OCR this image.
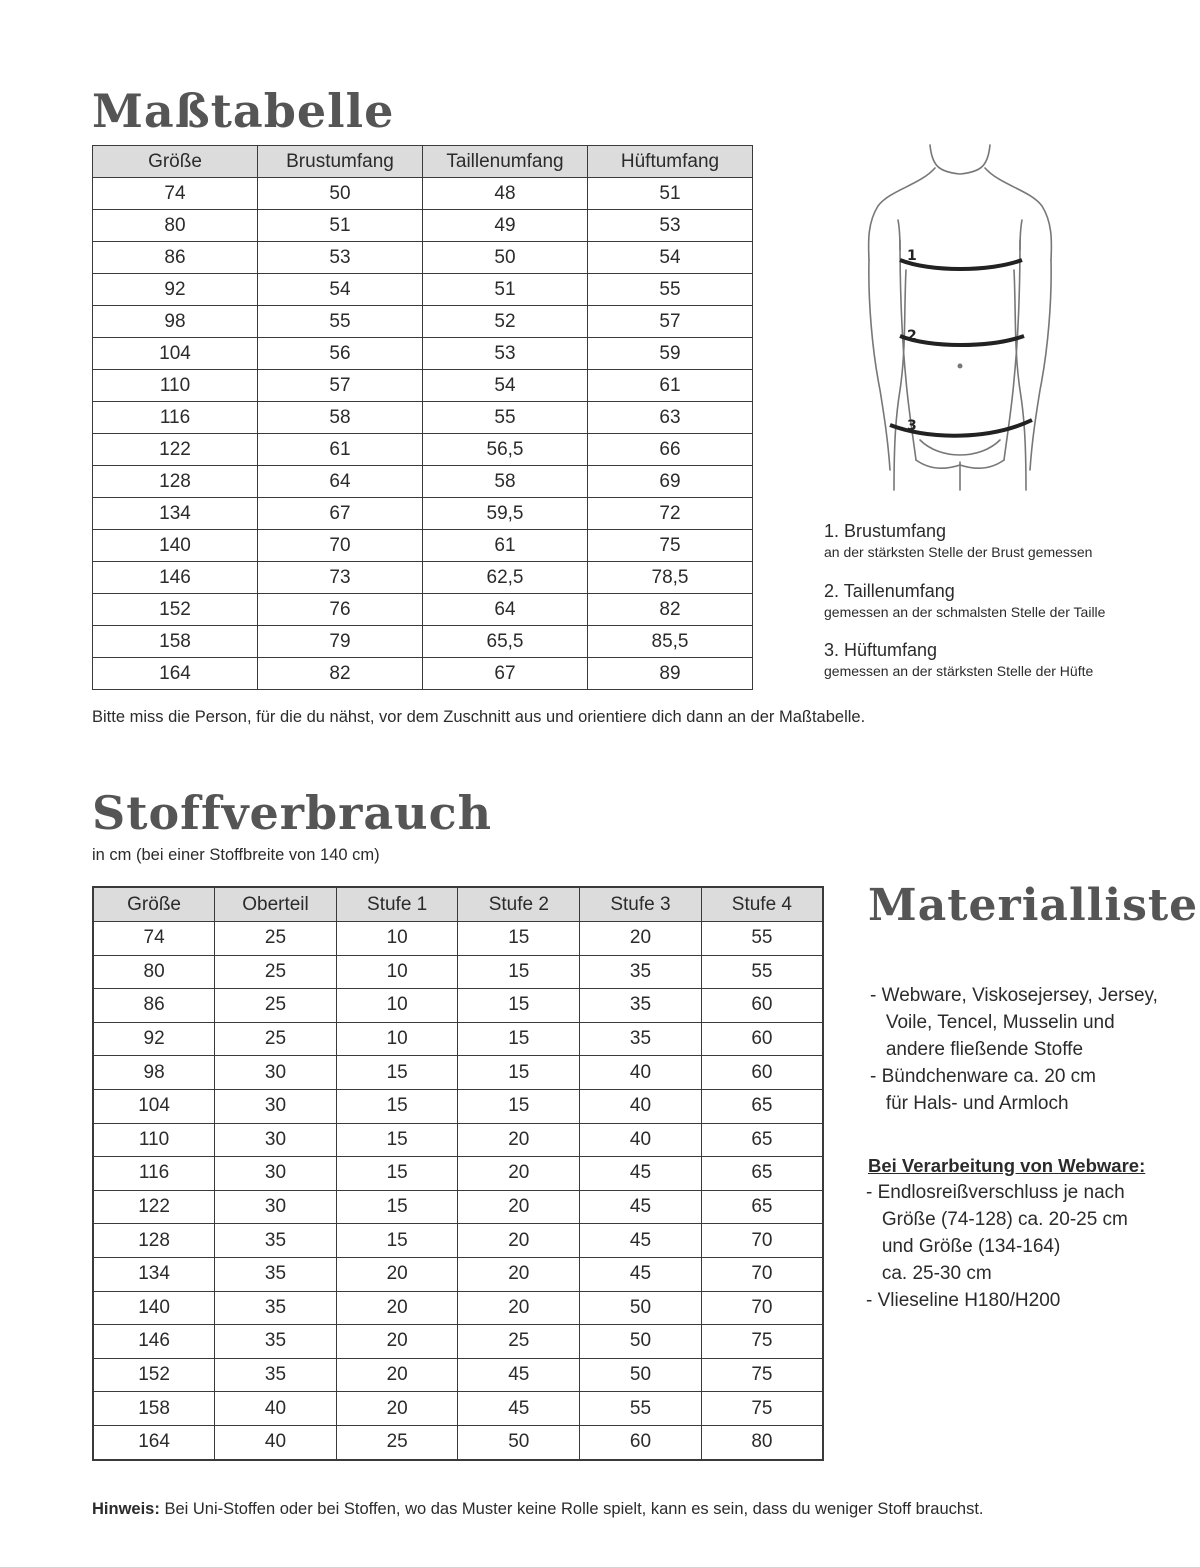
Maßtabelle
Größe	Brustumfang	Taillenumfang	Hüftumfang
74	50	48	51
80	51	49	53
86	53	50	54
92	54	51	55
98	55	52	57
104	56	53	59
110	57	54	61
116	58	55	63
122	61	56,5	66
128	64	58	69
134	67	59,5	72
140	70	61	75
146	73	62,5	78,5
152	76	64	82
158	79	65,5	85,5
164	82	67	89

Bitte miss die Person, für die du nähst, vor dem Zuschnitt aus und orientiere dich dann an der Maßtabelle.

1
2
3

1. Brustumfang

an der stärksten Stelle der Brust gemessen

2. Taillenumfang

gemessen an der schmalsten Stelle der Taille

3. Hüftumfang

gemessen an der stärksten Stelle der Hüfte

Stoffverbrauch

in cm (bei einer Stoffbreite von 140 cm)

Größe	Oberteil	Stufe 1	Stufe 2	Stufe 3	Stufe 4
74	25	10	15	20	55
80	25	10	15	35	55
86	25	10	15	35	60
92	25	10	15	35	60
98	30	15	15	40	60
104	30	15	15	40	65
110	30	15	20	40	65
116	30	15	20	45	65
122	30	15	20	45	65
128	35	15	20	45	70
134	35	20	20	45	70
140	35	20	20	50	70
146	35	20	25	50	75
152	35	20	45	50	75
158	40	20	45	55	75
164	40	25	50	60	80
Materialliste
- Webware, Viskosejersey, Jersey,
Voile, Tencel, Musselin und
andere fließende Stoffe
- Bündchenware ca. 20 cm
für Hals- und Armloch

Bei Verarbeitung von Webware:

- Endlosreißverschluss je nach
Größe (74-128) ca. 20-25 cm
und Größe (134-164)
ca. 25-30 cm
- Vlieseline H180/H200

Hinweis: Bei Uni-Stoffen oder bei Stoffen, wo das Muster keine Rolle spielt, kann es sein, dass du weniger Stoff brauchst.
